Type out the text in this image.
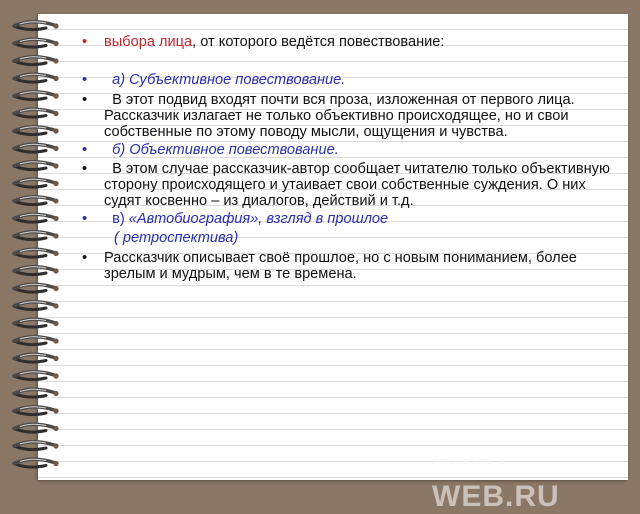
• выбора лица, от которого ведётся повествование:
• а) Субъективное повествование.
• В этот подвид входят почти вся проза, изложенная от первого лица. Рассказчик излагает не только объективно происходящее, но и свои собственные по этому поводу мысли, ощущения и чувства.
• б) Объективное повествование.
• В этом случае рассказчик-автор сообщает читателю только объективную сторону происходящего и утаивает свои собственные суждения. О них судят косвенно – из диалогов, действий и т.д.
• в) «Автобиография», взгляд в прошлое
( ретроспектива)
• Рассказчик описывает своё прошлое, но с новым пониманием, более зрелым и мудрым, чем в те времена.
FPPT WEB.RU
